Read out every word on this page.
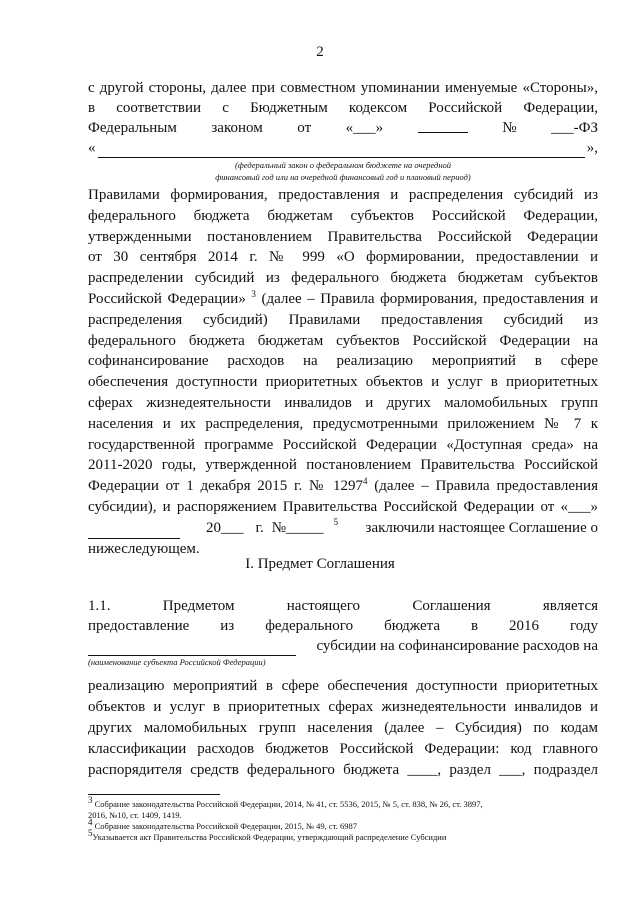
2
с другой стороны, далее при совместном упоминании именуемые «Стороны»,
в соответствии с Бюджетным кодексом Российской Федерации,
Федеральным законом от «___»	№ ___-ФЗ
«	»,
(федеральный закон о федеральном бюджете на очередной
финансовый год или на очередной финансовый год и плановый период)
Правилами формирования, предоставления и распределения субсидий из
федерального бюджета бюджетам субъектов Российской Федерации,
утвержденными постановлением Правительства Российской Федерации
от 30 сентября 2014 г. № 999 «О формировании, предоставлении и
распределении субсидий из федерального бюджета бюджетам субъектов
Российской Федерации» $^3$ (далее – Правила формирования, предоставления и
распределения субсидий) Правилами предоставления субсидий из
федерального бюджета бюджетам субъектов Российской Федерации на
софинансирование расходов на реализацию мероприятий в сфере
обеспечения доступности приоритетных объектов и услуг в приоритетных
сферах жизнедеятельности инвалидов и других маломобильных групп
населения и их распределения, предусмотренными приложением № 7 к
государственной программе Российской Федерации «Доступная среда» на
2011-2020 годы, утвержденной постановлением Правительства Российской
Федерации от 1 декабря 2015 г. № 1297$^4$ (далее – Правила предоставления
субсидии), и распоряжением Правительства Российской Федерации от «___»
20___ г. №_____ 5	заключили настоящее Соглашение о
нижеследующем.
I. Предмет Соглашения
1.1. Предметом настоящего Соглашения является
предоставление из федерального бюджета в 2016 году
субсидии на софинансирование расходов на
(наименование субъекта Российской Федерации)
реализацию мероприятий в сфере обеспечения доступности приоритетных
объектов и услуг в приоритетных сферах жизнедеятельности инвалидов и
других маломобильных групп населения (далее – Субсидия) по кодам
классификации расходов бюджетов Российской Федерации: код главного
распорядителя средств федерального бюджета ____, раздел ___, подраздел
$^3$ Собрание законодательства Российской Федерации, 2014, № 41, ст. 5536, 2015, № 5, ст. 838, № 26, ст. 3897,
2016, №10, ст. 1409, 1419.
$^4$ Собрание законодательства Российской Федерации, 2015, № 49, ст. 6987
$^5$Указывается акт Правительства Российской Федерации, утверждающий распределение Субсидии
